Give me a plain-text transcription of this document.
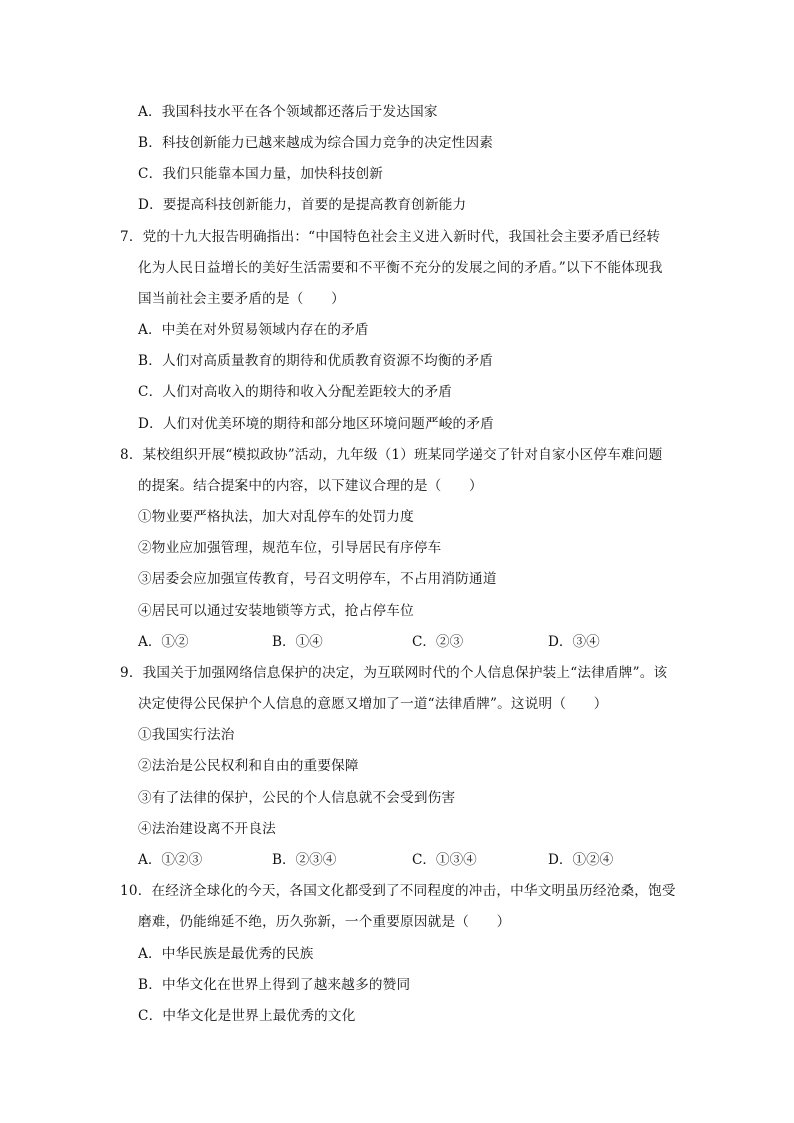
A．我国科技水平在各个领域都还落后于发达国家
B．科技创新能力已越来越成为综合国力竞争的决定性因素
C．我们只能靠本国力量，加快科技创新
D．要提高科技创新能力，首要的是提高教育创新能力
7．党的十九大报告明确指出：“中国特色社会主义进入新时代，我国社会主要矛盾已经转
化为人民日益增长的美好生活需要和不平衡不充分的发展之间的矛盾。”以下不能体现我
国当前社会主要矛盾的是（　　）
A．中美在对外贸易领域内存在的矛盾
B．人们对高质量教育的期待和优质教育资源不均衡的矛盾
C．人们对高收入的期待和收入分配差距较大的矛盾
D．人们对优美环境的期待和部分地区环境问题严峻的矛盾
8．某校组织开展“模拟政协”活动，九年级（1）班某同学递交了针对自家小区停车难问题
的提案。结合提案中的内容，以下建议合理的是（　　）
①物业要严格执法，加大对乱停车的处罚力度
②物业应加强管理，规范车位，引导居民有序停车
③居委会应加强宣传教育，号召文明停车，不占用消防通道
④居民可以通过安装地锁等方式，抢占停车位
A．①②	B．①④	C．②③	D．③④
9．我国关于加强网络信息保护的决定，为互联网时代的个人信息保护装上“法律盾牌”。该
决定使得公民保护个人信息的意愿又增加了一道“法律盾牌”。这说明（　　）
①我国实行法治
②法治是公民权利和自由的重要保障
③有了法律的保护，公民的个人信息就不会受到伤害
④法治建设离不开良法
A．①②③	B．②③④	C．①③④	D．①②④
10．在经济全球化的今天，各国文化都受到了不同程度的冲击，中华文明虽历经沧桑，饱受
磨难，仍能绵延不绝，历久弥新，一个重要原因就是（　　）
A．中华民族是最优秀的民族
B．中华文化在世界上得到了越来越多的赞同
C．中华文化是世界上最优秀的文化
